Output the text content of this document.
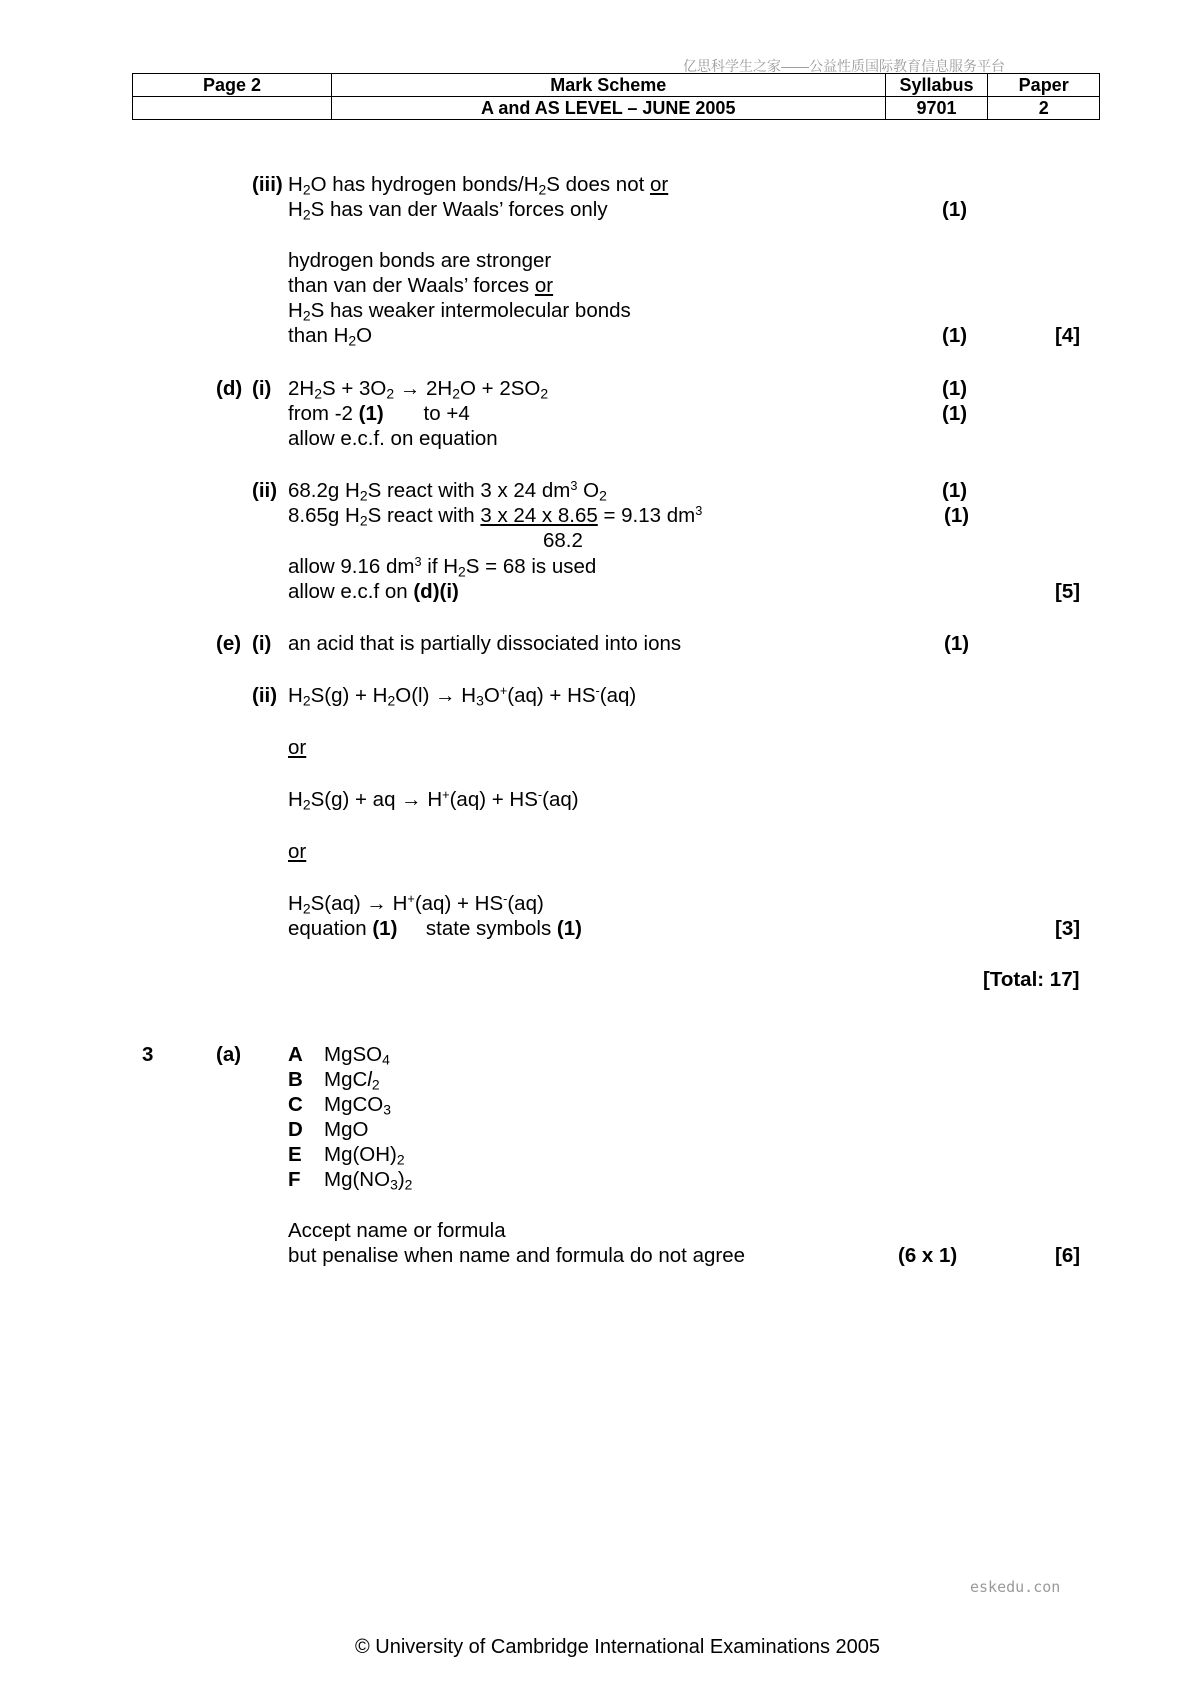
亿思科学生之家——公益性质国际教育信息服务平台
Page 2	Mark Scheme	Syllabus	Paper
	A and AS LEVEL – JUNE 2005	9701	2
(iii) $H_2O$ has hydrogen bonds/$H_2S$ does not or
$H_2S$ has van der Waals’ forces only	(1)
hydrogen bonds are stronger
than van der Waals’ forces or
$H_2S$ has weaker intermolecular bonds
than $H_2O$	(1)	[4]
(d) (i) $2H_2S + 3O_2 \to 2H_2O + 2SO_2$	(1)
from -2 (1)       to +4	(1)
allow e.c.f. on equation
(ii) 68.2g $H_2S$ react with 3 x 24 $dm^3$ $O_2$	(1)
8.65g $H_2S$ react with 3 x 24 x 8.65 = 9.13 $dm^3$	(1)
68.2
allow 9.16 $dm^3$ if $H_2S = 68$ is used
allow e.c.f on (d)(i)	[5]
(e) (i) an acid that is partially dissociated into ions	(1)
(ii) $H_2S(g) + H_2O(l) \to H_3O^+(aq) + HS^-(aq)$
or
$H_2S(g)$ + aq → H+(aq) + HS-(aq)
or
$H_2S(aq) \to H^+(aq) + HS^-(aq)$
equation (1)     state symbols (1)	[3]
[Total: 17]
3	(a) A MgSO$_4$
B MgCl$_2$
C MgCO$_3$
D MgO
E $Mg(OH)_2$
F $Mg(NO_3)_2$
Accept name or formula
but penalise when name and formula do not agree	(6 x 1)	[6]
eskedu.con
© University of Cambridge International Examinations 2005
